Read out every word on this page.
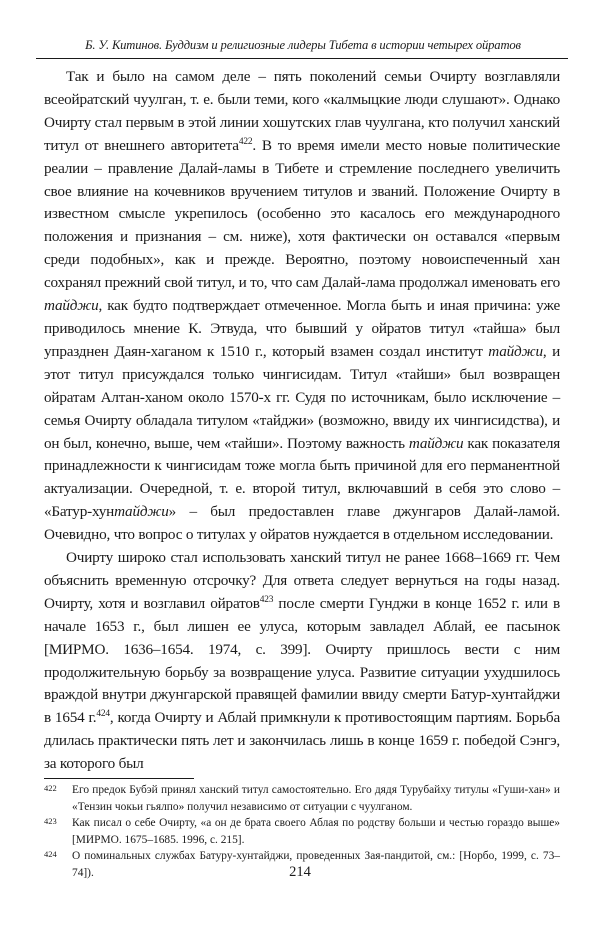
Б. У. Китинов. Буддизм и религиозные лидеры Тибета в истории четырех ойратов

Так и было на самом деле – пять поколений семьи Очирту возглавляли всеойратский чуулган, т. е. были теми, кого «калмыцкие люди слушают». Однако Очирту стал первым в этой линии хошутских глав чуулгана, кто получил ханский титул от внешнего авторитета$^{422}$. В то время имели место новые политические реалии – правление Далай-ламы в Тибете и стремление последнего увеличить свое влияние на кочевников вручением титулов и званий. Положение Очирту в известном смысле укрепилось (особенно это касалось его международного положения и признания – см. ниже), хотя фактически он оставался «первым среди подобных», как и прежде. Вероятно, поэтому новоиспеченный хан сохранял прежний свой титул, и то, что сам Далай-лама продолжал именовать его тайджи, как будто подтверждает отмеченное. Могла быть и иная причина: уже приводилось мнение К. Этвуда, что бывший у ойратов титул «тайша» был упразднен Даян-хаганом к 1510 г., который взамен создал институт тайджи, и этот титул присуждался только чингисидам. Титул «тайши» был возвращен ойратам Алтан-ханом около 1570-х гг. Судя по источникам, было исключение – семья Очирту обладала титулом «тайджи» (возможно, ввиду их чингисидства), и он был, конечно, выше, чем «тайши». Поэтому важность тайджи как показателя принадлежности к чингисидам тоже могла быть причиной для его перманентной актуализации. Очередной, т. е. второй титул, включавший в себя это слово – «Батур-хунтайджи» – был предоставлен главе джунгаров Далай-ламой. Очевидно, что вопрос о титулах у ойратов нуждается в отдельном исследовании.

Очирту широко стал использовать ханский титул не ранее 1668–1669 гг. Чем объяснить временную отсрочку? Для ответа следует вернуться на годы назад. Очирту, хотя и возглавил ойратов$^{423}$ после смерти Гунджи в конце 1652 г. или в начале 1653 г., был лишен ее улуса, которым завладел Аблай, ее пасынок [МИРМО. 1636–1654. 1974, с. 399]. Очирту пришлось вести с ним продолжительную борьбу за возвращение улуса. Развитие ситуации ухудшилось враждой внутри джунгарской правящей фамилии ввиду смерти Батур-хунтайджи в 1654 г.$^{424}$, когда Очирту и Аблай примкнули к противостоящим партиям. Борьба длилась практически пять лет и закончилась лишь в конце 1659 г. победой Сэнгэ, за которого был

422 Его предок Бубэй принял ханский титул самостоятельно. Его дядя Турубайху титулы «Гуши-хан» и «Тензин чокьи гьялпо» получил независимо от ситуации с чуулганом.
423 Как писал о себе Очирту, «а он де брата своего Аблая по родству больши и честью гораздо выше» [МИРМО. 1675–1685. 1996, с. 215].
424 О поминальных службах Батуру-хунтайджи, проведенных Зая-пандитой, см.: [Норбо, 1999, с. 73–74]).	214
